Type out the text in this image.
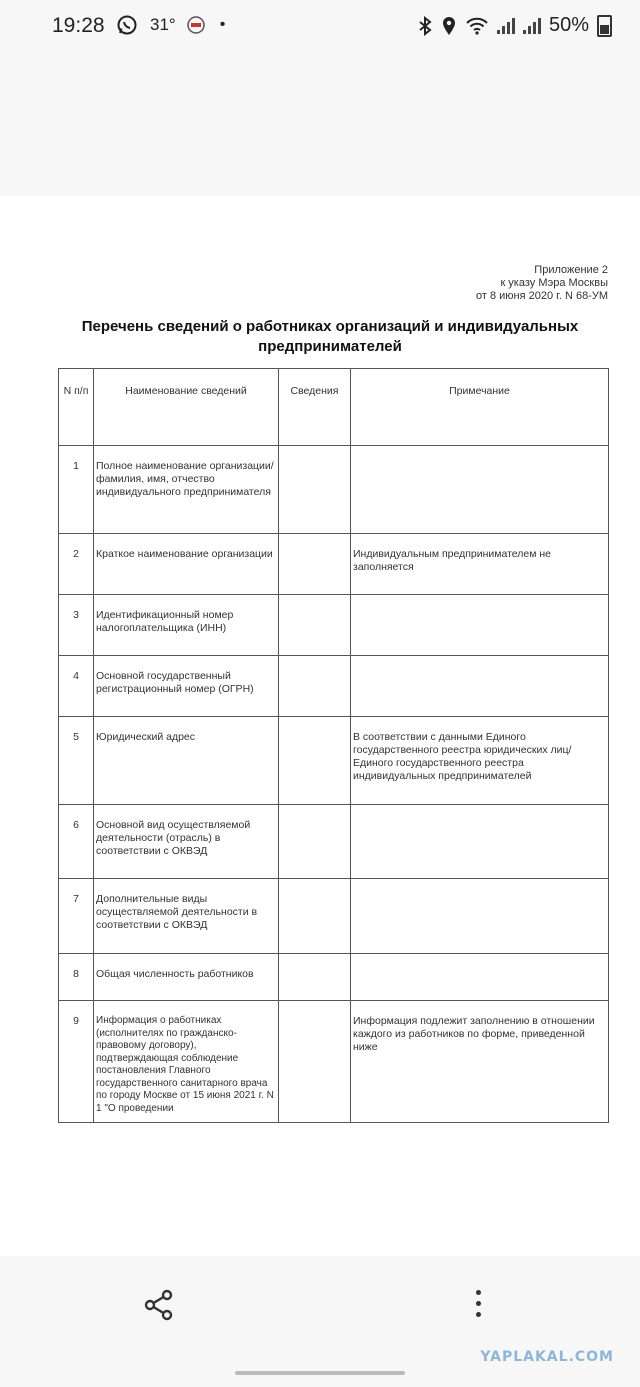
19:28	31°	•	50%
Приложение 2
к указу Мэра Москвы
от 8 июня 2020 г. N 68-УМ
Перечень сведений о работниках организаций и индивидуальных предпринимателей
N п/п	Наименование сведений	Сведения	Примечание
1	Полное наименование организации/фамилия, имя, отчество индивидуального предпринимателя		
2	Краткое наименование организации		Индивидуальным предпринимателем не заполняется
3	Идентификационный номер налогоплательщика (ИНН)		
4	Основной государственный регистрационный номер (ОГРН)		
5	Юридический адрес		В соответствии с данными Единого государственного реестра юридических лиц/ Единого государственного реестра индивидуальных предпринимателей
6	Основной вид осуществляемой деятельности (отрасль) в соответствии с ОКВЭД		
7	Дополнительные виды осуществляемой деятельности в соответствии с ОКВЭД		
8	Общая численность работников		
9	Информация о работниках (исполнителях по гражданско-правовому договору), подтверждающая соблюдение постановления Главного государственного санитарного врача по городу Москве от 15 июня 2021 г. N 1 "О проведении		Информация подлежит заполнению в отношении каждого из работников по форме, приведенной ниже
YAPLAKAL.COM
